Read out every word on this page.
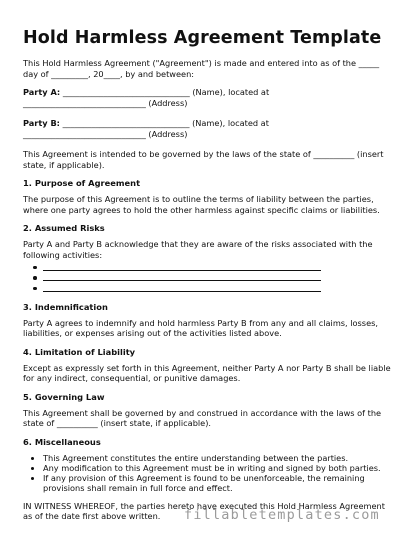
Hold Harmless Agreement Template

This Hold Harmless Agreement ("Agreement") is made and entered into as of the _____ day of _________, 20____, by and between:

Party A: _______________________________ (Name), located at

______________________________ (Address)

Party B: _______________________________ (Name), located at

______________________________ (Address)

This Agreement is intended to be governed by the laws of the state of __________ (insert state, if applicable).

1. Purpose of Agreement

The purpose of this Agreement is to outline the terms of liability between the parties, where one party agrees to hold the other harmless against specific claims or liabilities.

2. Assumed Risks

Party A and Party B acknowledge that they are aware of the risks associated with the following activities:

3. Indemnification

Party A agrees to indemnify and hold harmless Party B from any and all claims, losses, liabilities, or expenses arising out of the activities listed above.

4. Limitation of Liability

Except as expressly set forth in this Agreement, neither Party A nor Party B shall be liable for any indirect, consequential, or punitive damages.

5. Governing Law

This Agreement shall be governed by and construed in accordance with the laws of the state of __________ (insert state, if applicable).

6. Miscellaneous
• This Agreement constitutes the entire understanding between the parties.
• Any modification to this Agreement must be in writing and signed by both parties.
• If any provision of this Agreement is found to be unenforceable, the remaining provisions shall remain in full force and effect.

IN WITNESS WHEREOF, the parties hereto have executed this Hold Harmless Agreement as of the date first above written.	fillabletemplates.com
